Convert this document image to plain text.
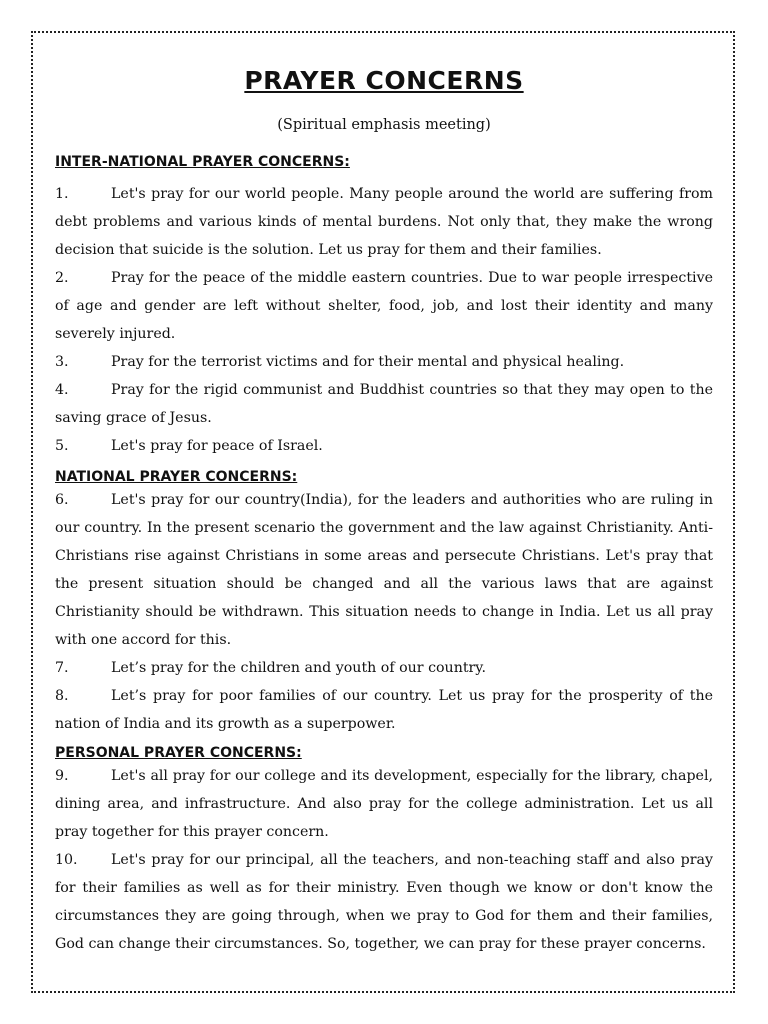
PRAYER CONCERNS
(Spiritual emphasis meeting)
INTER-NATIONAL PRAYER CONCERNS:
1.	Let's pray for our world people. Many people around the world are suffering from debt problems and various kinds of mental burdens. Not only that, they make the wrong decision that suicide is the solution. Let us pray for them and their families.
2.	Pray for the peace of the middle eastern countries. Due to war people irrespective of age and gender are left without shelter, food, job, and lost their identity and many severely injured.
3.	Pray for the terrorist victims and for their mental and physical healing.
4.	Pray for the rigid communist and Buddhist countries so that they may open to the saving grace of Jesus.
5.	Let's pray for peace of Israel.
NATIONAL PRAYER CONCERNS:
6.	Let's pray for our country(India), for the leaders and authorities who are ruling in our country. In the present scenario the government and the law against Christianity. Anti-Christians rise against Christians in some areas and persecute Christians. Let's pray that the present situation should be changed and all the various laws that are against Christianity should be withdrawn. This situation needs to change in India. Let us all pray with one accord for this.
7.	Let’s pray for the children and youth of our country.
8.	Let’s pray for poor families of our country. Let us pray for the prosperity of the nation of India and its growth as a superpower.
PERSONAL PRAYER CONCERNS:
9.	Let's all pray for our college and its development, especially for the library, chapel, dining area, and infrastructure. And also pray for the college administration. Let us all pray together for this prayer concern.
10. Let's pray for our principal, all the teachers, and non-teaching staff and also pray for their families as well as for their ministry. Even though we know or don't know the circumstances they are going through, when we pray to God for them and their families, God can change their circumstances. So, together, we can pray for these prayer concerns.
